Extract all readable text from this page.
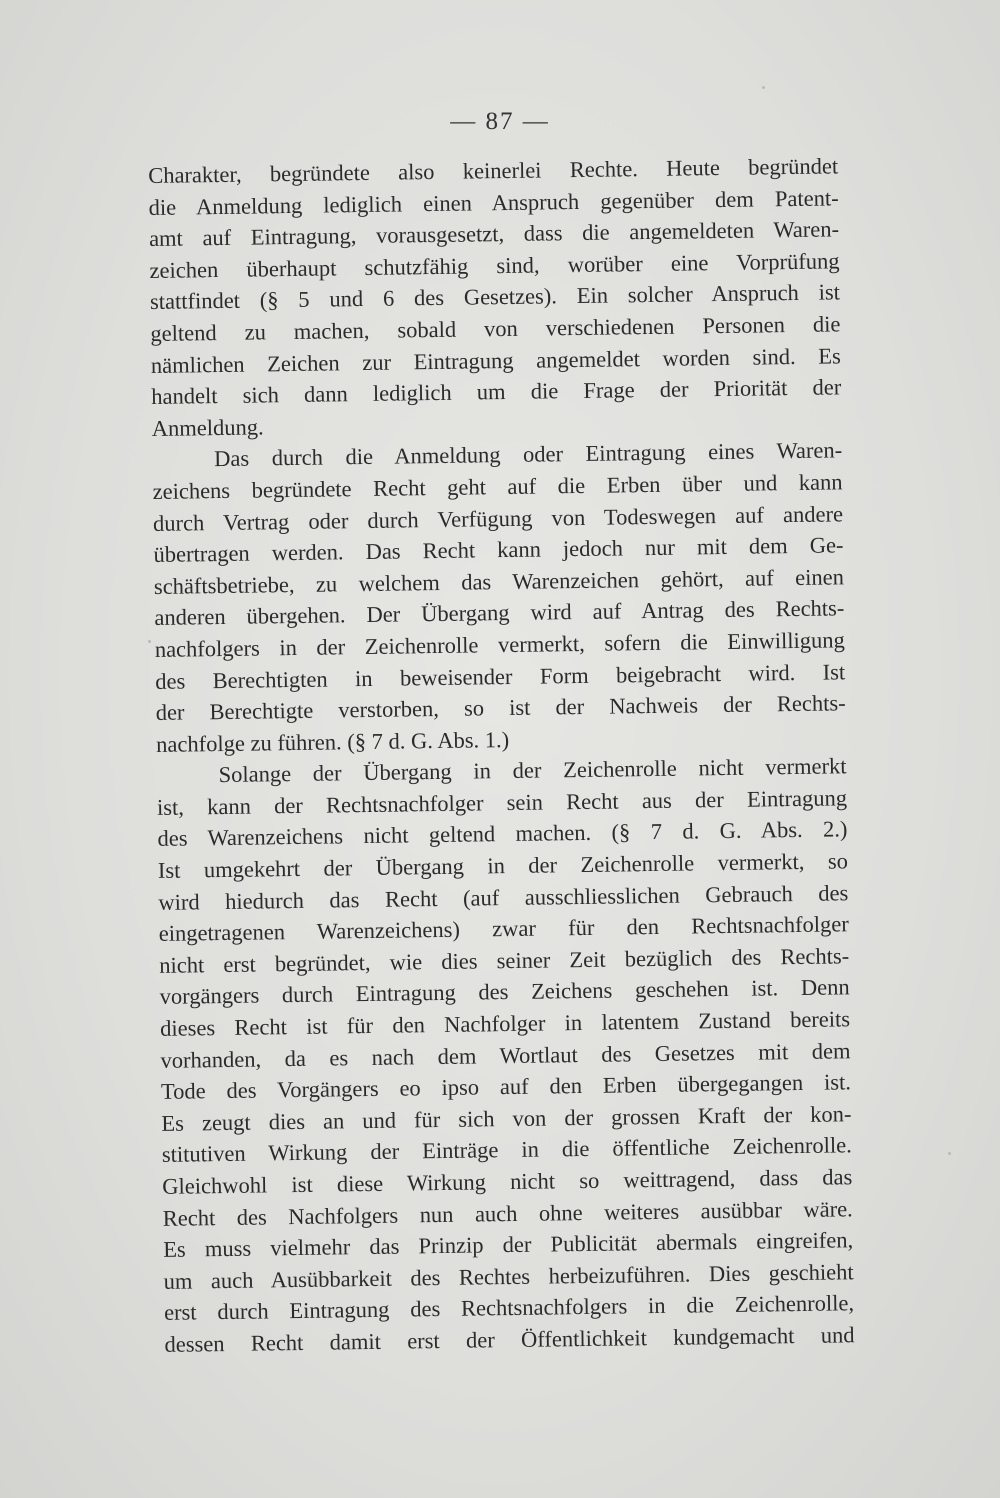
— 87 —
Charakter, begründete also keinerlei Rechte. Heute begründet
die Anmeldung lediglich einen Anspruch gegenüber dem Patent-
amt auf Eintragung, vorausgesetzt, dass die angemeldeten Waren-
zeichen überhaupt schutzfähig sind, worüber eine Vorprüfung
stattfindet (§ 5 und 6 des Gesetzes). Ein solcher Anspruch ist
geltend zu machen, sobald von verschiedenen Personen die
nämlichen Zeichen zur Eintragung angemeldet worden sind. Es
handelt sich dann lediglich um die Frage der Priorität der
Anmeldung.
Das durch die Anmeldung oder Eintragung eines Waren-
zeichens begründete Recht geht auf die Erben über und kann
durch Vertrag oder durch Verfügung von Todeswegen auf andere
übertragen werden. Das Recht kann jedoch nur mit dem Ge-
schäftsbetriebe, zu welchem das Warenzeichen gehört, auf einen
anderen übergehen. Der Übergang wird auf Antrag des Rechts-
nachfolgers in der Zeichenrolle vermerkt, sofern die Einwilligung
des Berechtigten in beweisender Form beigebracht wird. Ist
der Berechtigte verstorben, so ist der Nachweis der Rechts-
nachfolge zu führen. (§ 7 d. G. Abs. 1.)
Solange der Übergang in der Zeichenrolle nicht vermerkt
ist, kann der Rechtsnachfolger sein Recht aus der Eintragung
des Warenzeichens nicht geltend machen. (§ 7 d. G. Abs. 2.)
Ist umgekehrt der Übergang in der Zeichenrolle vermerkt, so
wird hiedurch das Recht (auf ausschliesslichen Gebrauch des
eingetragenen Warenzeichens) zwar für den Rechtsnachfolger
nicht erst begründet, wie dies seiner Zeit bezüglich des Rechts-
vorgängers durch Eintragung des Zeichens geschehen ist. Denn
dieses Recht ist für den Nachfolger in latentem Zustand bereits
vorhanden, da es nach dem Wortlaut des Gesetzes mit dem
Tode des Vorgängers eo ipso auf den Erben übergegangen ist.
Es zeugt dies an und für sich von der grossen Kraft der kon-
stitutiven Wirkung der Einträge in die öffentliche Zeichenrolle.
Gleichwohl ist diese Wirkung nicht so weittragend, dass das
Recht des Nachfolgers nun auch ohne weiteres ausübbar wäre.
Es muss vielmehr das Prinzip der Publicität abermals eingreifen,
um auch Ausübbarkeit des Rechtes herbeizuführen. Dies geschieht
erst durch Eintragung des Rechtsnachfolgers in die Zeichenrolle,
dessen Recht damit erst der Öffentlichkeit kundgemacht und
